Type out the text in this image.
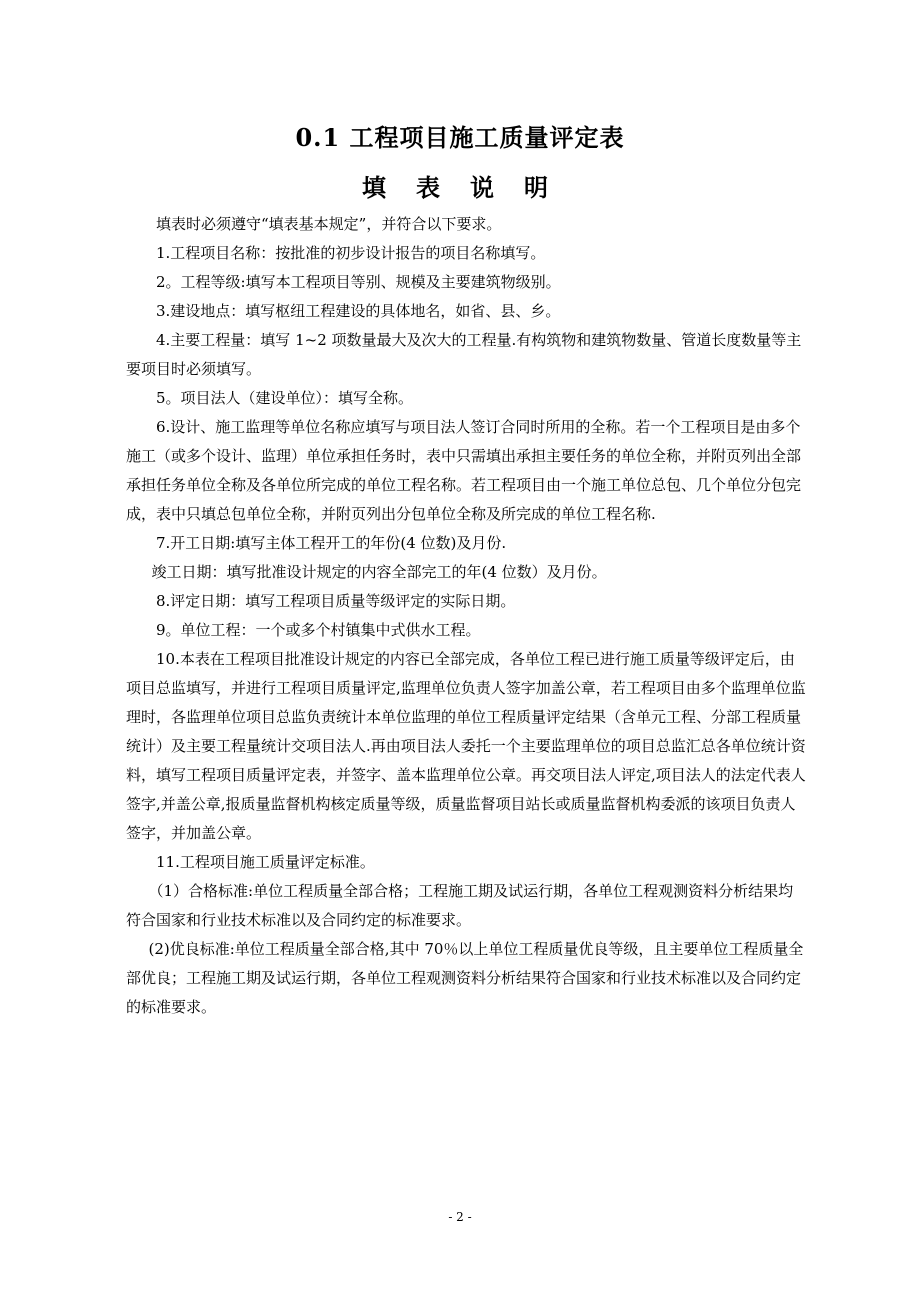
0.1 工程项目施工质量评定表
填表说明

填表时必须遵守“填表基本规定”，并符合以下要求。

1.工程项目名称：按批准的初步设计报告的项目名称填写。

2。工程等级:填写本工程项目等别、规模及主要建筑物级别。

3.建设地点：填写枢纽工程建设的具体地名，如省、县、乡。

4.主要工程量：填写 1~2 项数量最大及次大的工程量.有构筑物和建筑物数量、管道长度数量等主要项目时必须填写。

5。项目法人（建设单位）：填写全称。

6.设计、施工监理等单位名称应填写与项目法人签订合同时所用的全称。若一个工程项目是由多个施工（或多个设计、监理）单位承担任务时，表中只需填出承担主要任务的单位全称，并附页列出全部承担任务单位全称及各单位所完成的单位工程名称。若工程项目由一个施工单位总包、几个单位分包完成，表中只填总包单位全称，并附页列出分包单位全称及所完成的单位工程名称.

7.开工日期:填写主体工程开工的年份(4 位数)及月份.

竣工日期：填写批准设计规定的内容全部完工的年(4 位数）及月份。

8.评定日期：填写工程项目质量等级评定的实际日期。

9。单位工程：一个或多个村镇集中式供水工程。

10.本表在工程项目批准设计规定的内容已全部完成，各单位工程已进行施工质量等级评定后，由项目总监填写，并进行工程项目质量评定,监理单位负责人签字加盖公章，若工程项目由多个监理单位监理时，各监理单位项目总监负责统计本单位监理的单位工程质量评定结果（含单元工程、分部工程质量统计）及主要工程量统计交项目法人.再由项目法人委托一个主要监理单位的项目总监汇总各单位统计资料，填写工程项目质量评定表，并签字、盖本监理单位公章。再交项目法人评定,项目法人的法定代表人签字,并盖公章,报质量监督机构核定质量等级，质量监督项目站长或质量监督机构委派的该项目负责人签字，并加盖公章。

11.工程项目施工质量评定标准。

（1）合格标准:单位工程质量全部合格；工程施工期及试运行期，各单位工程观测资料分析结果均符合国家和行业技术标准以及合同约定的标准要求。

(2)优良标准:单位工程质量全部合格,其中 70％以上单位工程质量优良等级，且主要单位工程质量全部优良；工程施工期及试运行期，各单位工程观测资料分析结果符合国家和行业技术标准以及合同约定的标准要求。

- 2 -
